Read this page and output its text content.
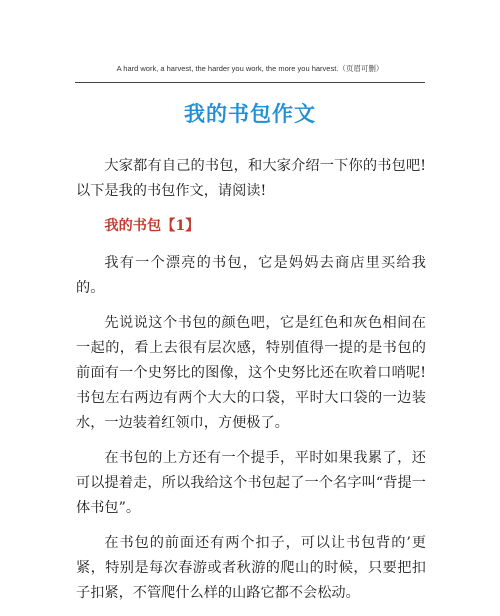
A hard work, a harvest, the harder you work, the more you harvest.（页眉可删）
我的书包作文

大家都有自己的书包，和大家介绍一下你的书包吧!以下是我的书包作文，请阅读!

我的书包【1】

我有一个漂亮的书包，它是妈妈去商店里买给我的。

先说说这个书包的颜色吧，它是红色和灰色相间在一起的，看上去很有层次感，特别值得一提的是书包的前面有一个史努比的图像，这个史努比还在吹着口哨呢!书包左右两边有两个大大的口袋，平时大口袋的一边装水，一边装着红领巾，方便极了。

在书包的上方还有一个提手，平时如果我累了，还可以提着走，所以我给这个书包起了一个名字叫“背提一体书包”。

在书包的前面还有两个扣子，可以让书包背的’更紧，特别是每次春游或者秋游的爬山的时候，只要把扣子扣紧，不管爬什么样的山路它都不会松动。
